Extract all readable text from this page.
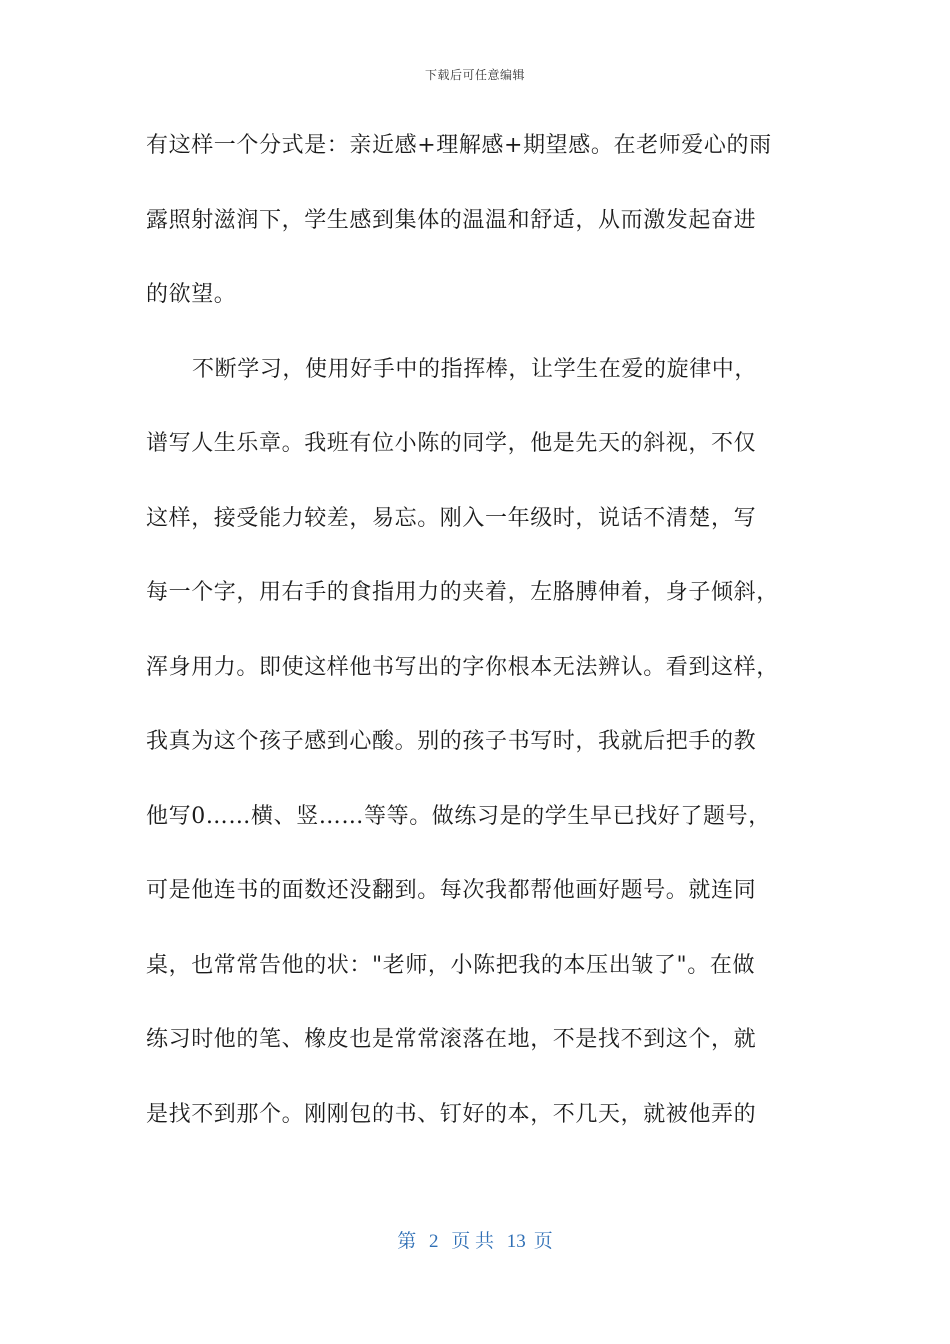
下载后可任意编辑
有这样一个分式是：亲近感+理解感+期望感。在老师爱心的雨
露照射滋润下，学生感到集体的温温和舒适，从而激发起奋进
的欲望。
不断学习，使用好手中的指挥棒，让学生在爱的旋律中，
谱写人生乐章。我班有位小陈的同学，他是先天的斜视，不仅
这样，接受能力较差，易忘。刚入一年级时，说话不清楚，写
每一个字，用右手的食指用力的夹着，左胳膊伸着，身子倾斜，
浑身用力。即使这样他书写出的字你根本无法辨认。看到这样，
我真为这个孩子感到心酸。别的孩子书写时，我就后把手的教
他写0……横、竖……等等。做练习是的学生早已找好了题号，
可是他连书的面数还没翻到。每次我都帮他画好题号。就连同
桌，也常常告他的状："老师，小陈把我的本压出皱了"。在做
练习时他的笔、橡皮也是常常滚落在地，不是找不到这个，就
是找不到那个。刚刚包的书、钉好的本，不几天，就被他弄的
第 2 页 共 13 页
